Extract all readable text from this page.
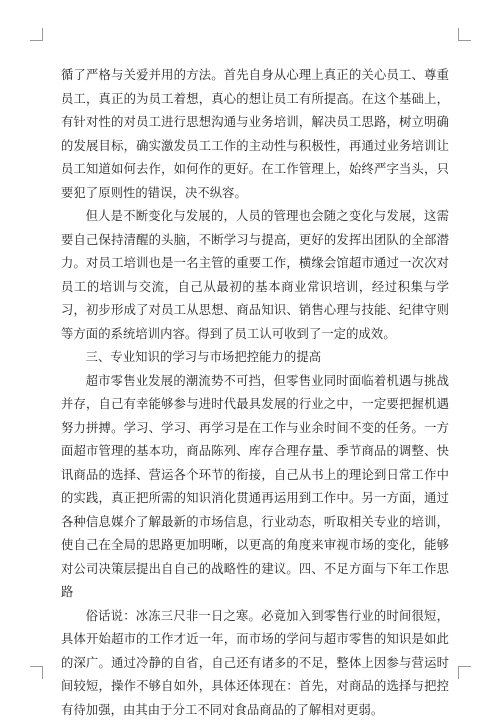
循了严格与关爱并用的方法。首先自身从心理上真正的关心员工、尊重员工，真正的为员工着想，真心的想让员工有所提高。在这个基础上，有针对性的对员工进行思想沟通与业务培训，解决员工思路，树立明确的发展目标，确实激发员工工作的主动性与积极性，再通过业务培训让员工知道如何去作，如何作的更好。在工作管理上，始终严字当头，只要犯了原则性的错误，决不纵容。

但人是不断变化与发展的，人员的管理也会随之变化与发展，这需要自己保持清醒的头脑，不断学习与提高，更好的发挥出团队的全部潜力。对员工培训也是一名主管的重要工作，横缘会馆超市通过一次次对员工的培训与交流，自己从最初的基本商业常识培训，经过积集与学习，初步形成了对员工从思想、商品知识、销售心理与技能、纪律守则等方面的系统培训内容。得到了员工认可收到了一定的成效。

三、专业知识的学习与市场把控能力的提高

超市零售业发展的潮流势不可挡，但零售业同时面临着机遇与挑战并存，自己有幸能够参与进时代最具发展的行业之中，一定要把握机遇努力拼搏。学习、学习、再学习是在工作与业余时间不变的任务。一方面超市管理的基本功，商品陈列、库存合理存量、季节商品的调整、快讯商品的选择、营运各个环节的衔接，自己从书上的理论到日常工作中的实践，真正把所需的知识消化贯通再运用到工作中。另一方面，通过各种信息媒介了解最新的市场信息，行业动态，听取相关专业的培训，使自己在全局的思路更加明晰，以更高的角度来审视市场的变化，能够对公司决策层提出自自己的战略性的建议。四、不足方面与下年工作思路

俗话说：冰冻三尺非一日之寒。必竟加入到零售行业的时间很短，具体开始超市的工作才近一年，而市场的学问与超市零售的知识是如此的深广。通过冷静的自省，自己还有诸多的不足，整体上因参与营运时间较短，操作不够自如外，具体还体现在：首先，对商品的选择与把控有待加强，由其由于分工不同对食品商品的了解相对更弱。
